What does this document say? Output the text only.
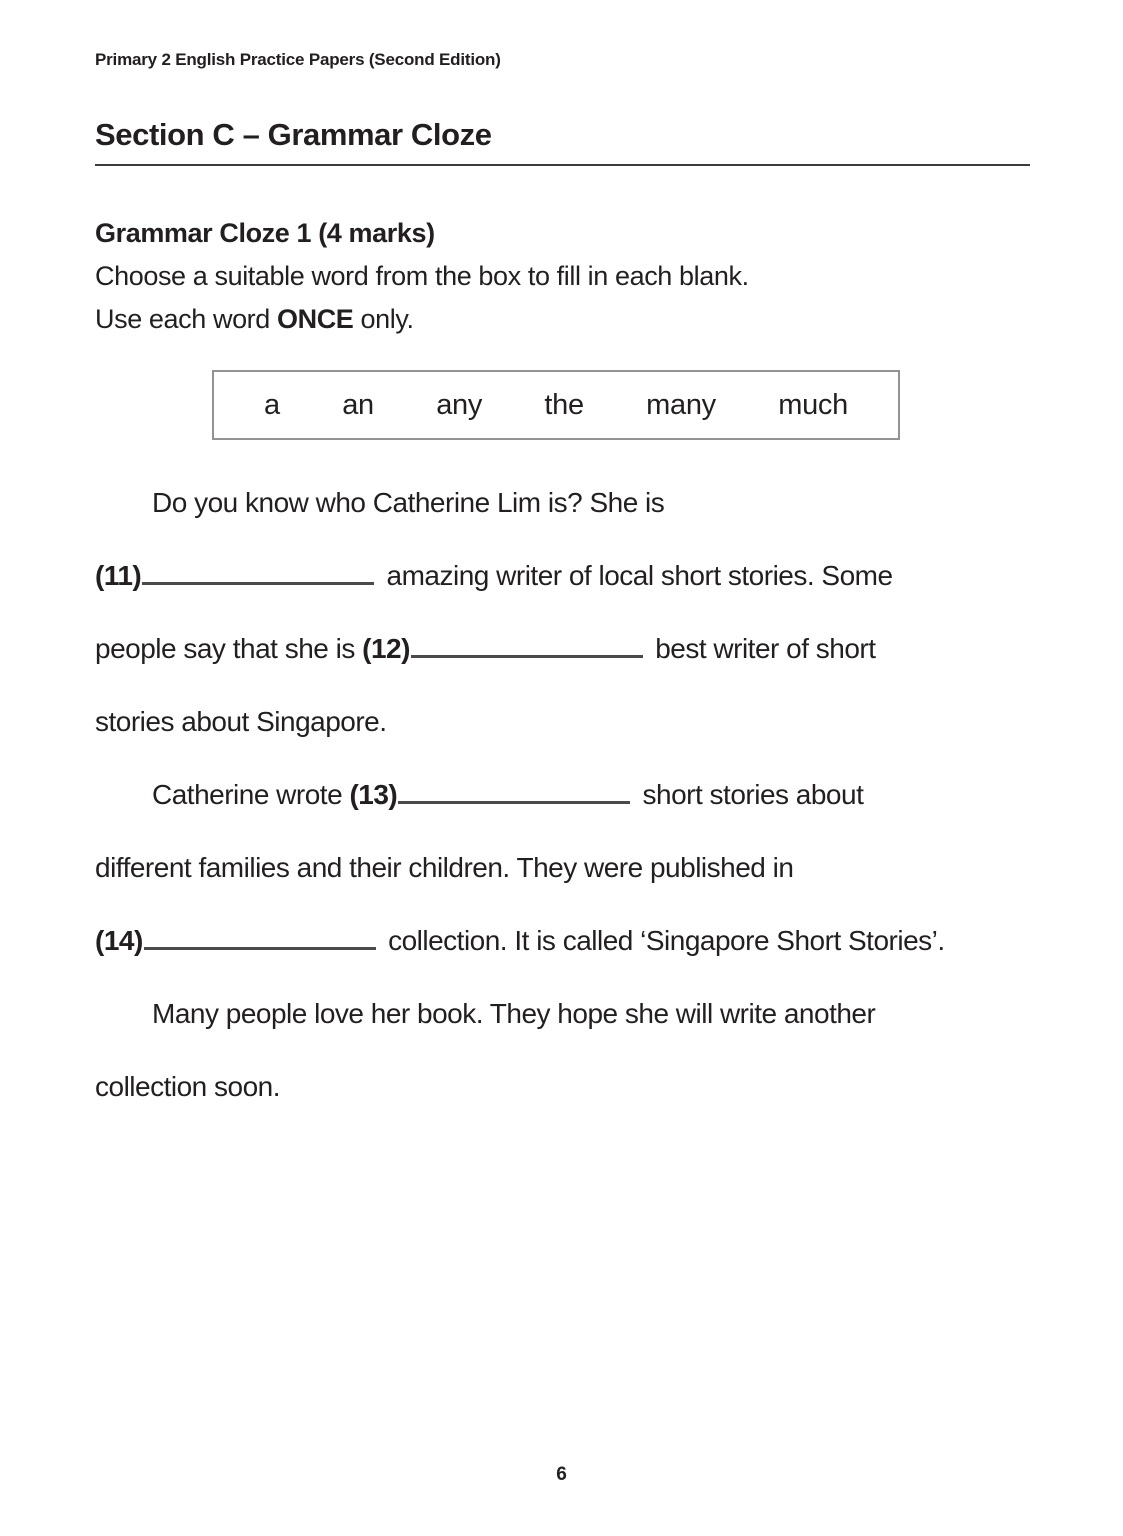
Primary 2 English Practice Papers (Second Edition)
Section C – Grammar Cloze
Grammar Cloze 1 (4 marks)
Choose a suitable word from the box to fill in each blank.
Use each word ONCE only.
a an any the many much
Do you know who Catherine Lim is? She is
(11)	amazing writer of local short stories. Some
people say that she is (12)	best writer of short
stories about Singapore.
Catherine wrote (13)	short stories about
different families and their children. They were published in
(14)	collection. It is called ‘Singapore Short Stories’.
Many people love her book. They hope she will write another
collection soon.
6
